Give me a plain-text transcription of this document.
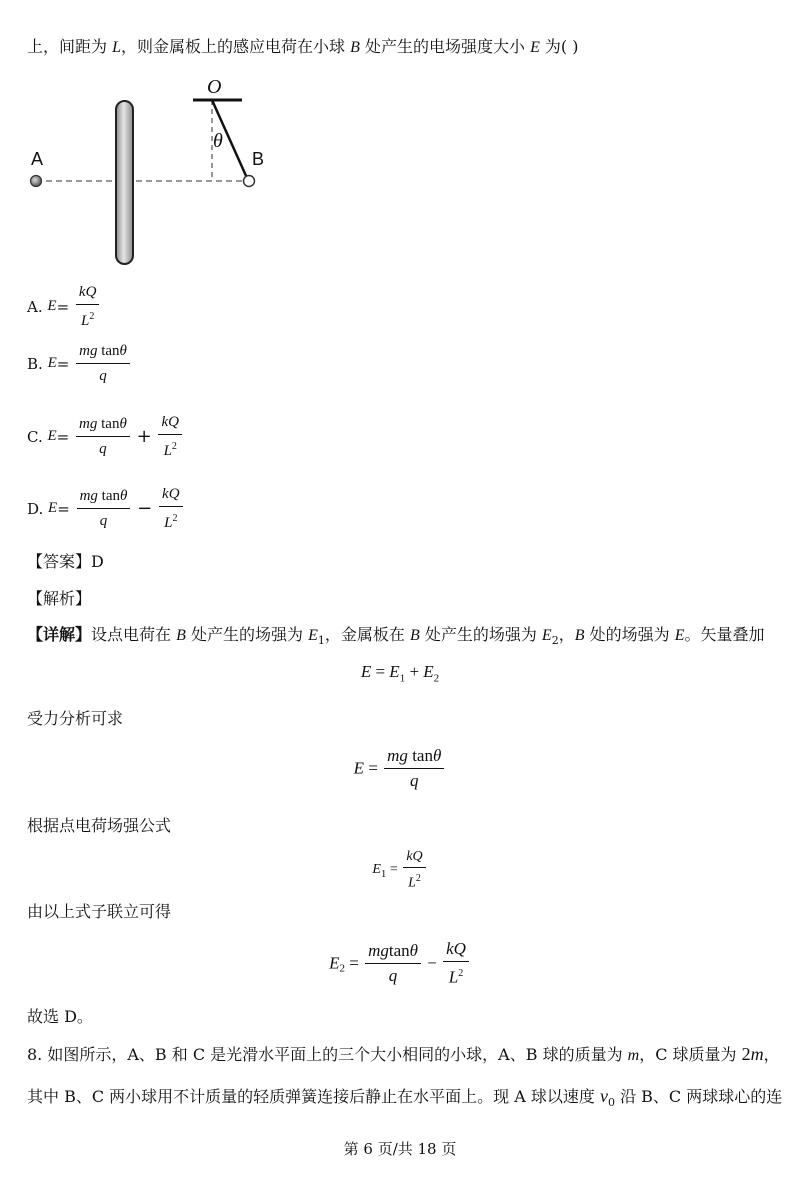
上，间距为 L，则金属板上的感应电荷在小球 B 处产生的电场强度大小 E 为( )
A	B
O
θ
A. $E= \frac{kQ}{L^2}$
B. $E= \frac{\text{mg tanθ}}{q}$
C. $E= \frac{\text{mg tanθ}}{q} + \frac{kQ}{L^2}$
D. $E= \frac{\text{mg tanθ}}{q} - \frac{kQ}{L^2}$
【答案】D
【解析】
【详解】设点电荷在 B 处产生的场强为 $E_1$，金属板在 B 处产生的场强为 $E_2$，B 处的场强为 E。矢量叠加
$E = E_1 + E_2$
受力分析可求
$E = \frac{\text{mg tanθ}}{q}$
根据点电荷场强公式
$E_1 = \frac{kQ}{L^2}$
由以上式子联立可得
$E_2 = \frac{mgtan\theta}{q} - \frac{kQ}{L^2}$
故选 D。
8. 如图所示，A、B 和 C 是光滑水平面上的三个大小相同的小球，A、B 球的质量为 m，C 球质量为 2m，
其中 B、C 两小球用不计质量的轻质弹簧连接后静止在水平面上。现 A 球以速度 $v_0$ 沿 B、C 两球球心的连
第 6 页/共 18 页
